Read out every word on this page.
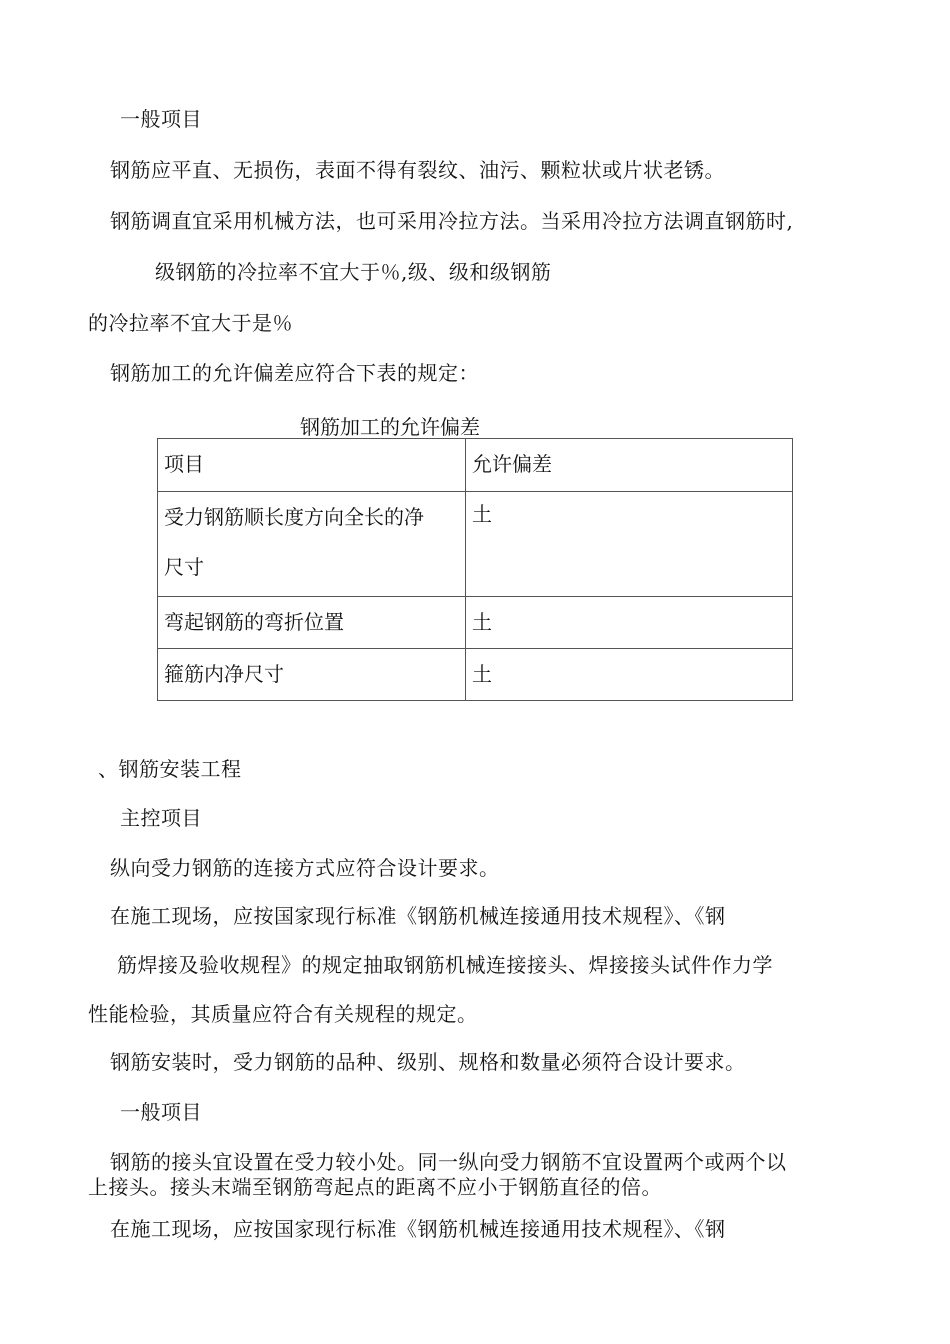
一般项目
钢筋应平直、无损伤，表面不得有裂纹、油污、颗粒状或片状老锈。
钢筋调直宜采用机械方法，也可采用冷拉方法。当采用冷拉方法调直钢筋时,
级钢筋的冷拉率不宜大于％,级、级和级钢筋
的冷拉率不宜大于是％
钢筋加工的允许偏差应符合下表的规定：
钢筋加工的允许偏差
项目	允许偏差

受力钢筋顺长度方向全长的净
尺寸	土
弯起钢筋的弯折位置	土
箍筋内净尺寸	土
、钢筋安装工程
主控项目
纵向受力钢筋的连接方式应符合设计要求。
在施工现场，应按国家现行标准《钢筋机械连接通用技术规程》、《钢
筋焊接及验收规程》的规定抽取钢筋机械连接接头、焊接接头试件作力学
性能检验，其质量应符合有关规程的规定。
钢筋安装时，受力钢筋的品种、级别、规格和数量必须符合设计要求。
一般项目
钢筋的接头宜设置在受力较小处。同一纵向受力钢筋不宜设置两个或两个以
上接头。接头末端至钢筋弯起点的距离不应小于钢筋直径的倍。
在施工现场，应按国家现行标准《钢筋机械连接通用技术规程》、《钢
